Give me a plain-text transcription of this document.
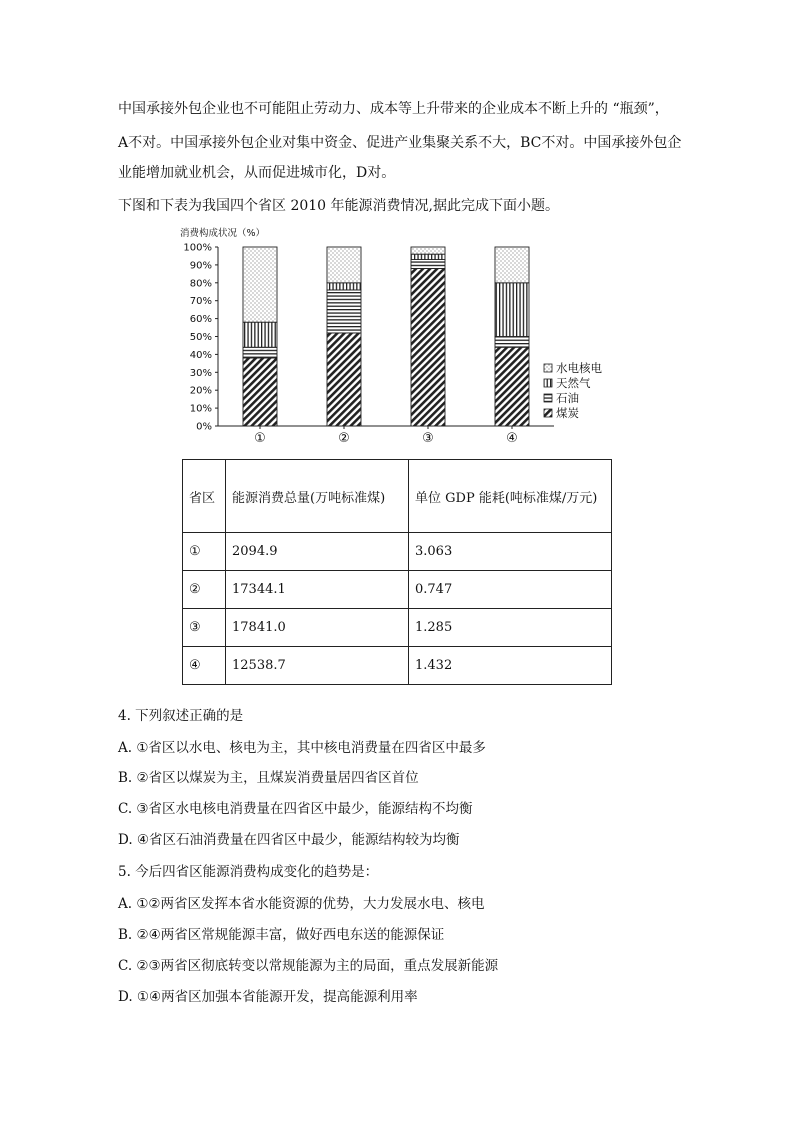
中国承接外包企业也不可能阻止劳动力、成本等上升带来的企业成本不断上升的 “瓶颈”，

A不对。中国承接外包企业对集中资金、促进产业集聚关系不大，BC不对。中国承接外包企

业能增加就业机会，从而促进城市化，D对。

下图和下表为我国四个省区 2010 年能源消费情况,据此完成下面小题。

消费构成状况（%）
0%
10%
20%
30%
40%
50%
60%
70%
80%
90%
100%
①	②	③	④
水电核电
天然气
石油
煤炭
省区	能源消费总量(万吨标准煤)	单位 GDP 能耗(吨标准煤/万元)
①	2094.9	3.063
②	17344.1	0.747
③	17841.0	1.285
④	12538.7	1.432

4. 下列叙述正确的是

A. ①省区以水电、核电为主，其中核电消费量在四省区中最多

B. ②省区以煤炭为主，且煤炭消费量居四省区首位

C. ③省区水电核电消费量在四省区中最少，能源结构不均衡

D. ④省区石油消费量在四省区中最少，能源结构较为均衡

5. 今后四省区能源消费构成变化的趋势是：

A. ①②两省区发挥本省水能资源的优势，大力发展水电、核电

B. ②④两省区常规能源丰富，做好西电东送的能源保证

C. ②③两省区彻底转变以常规能源为主的局面，重点发展新能源

D. ①④两省区加强本省能源开发，提高能源利用率
